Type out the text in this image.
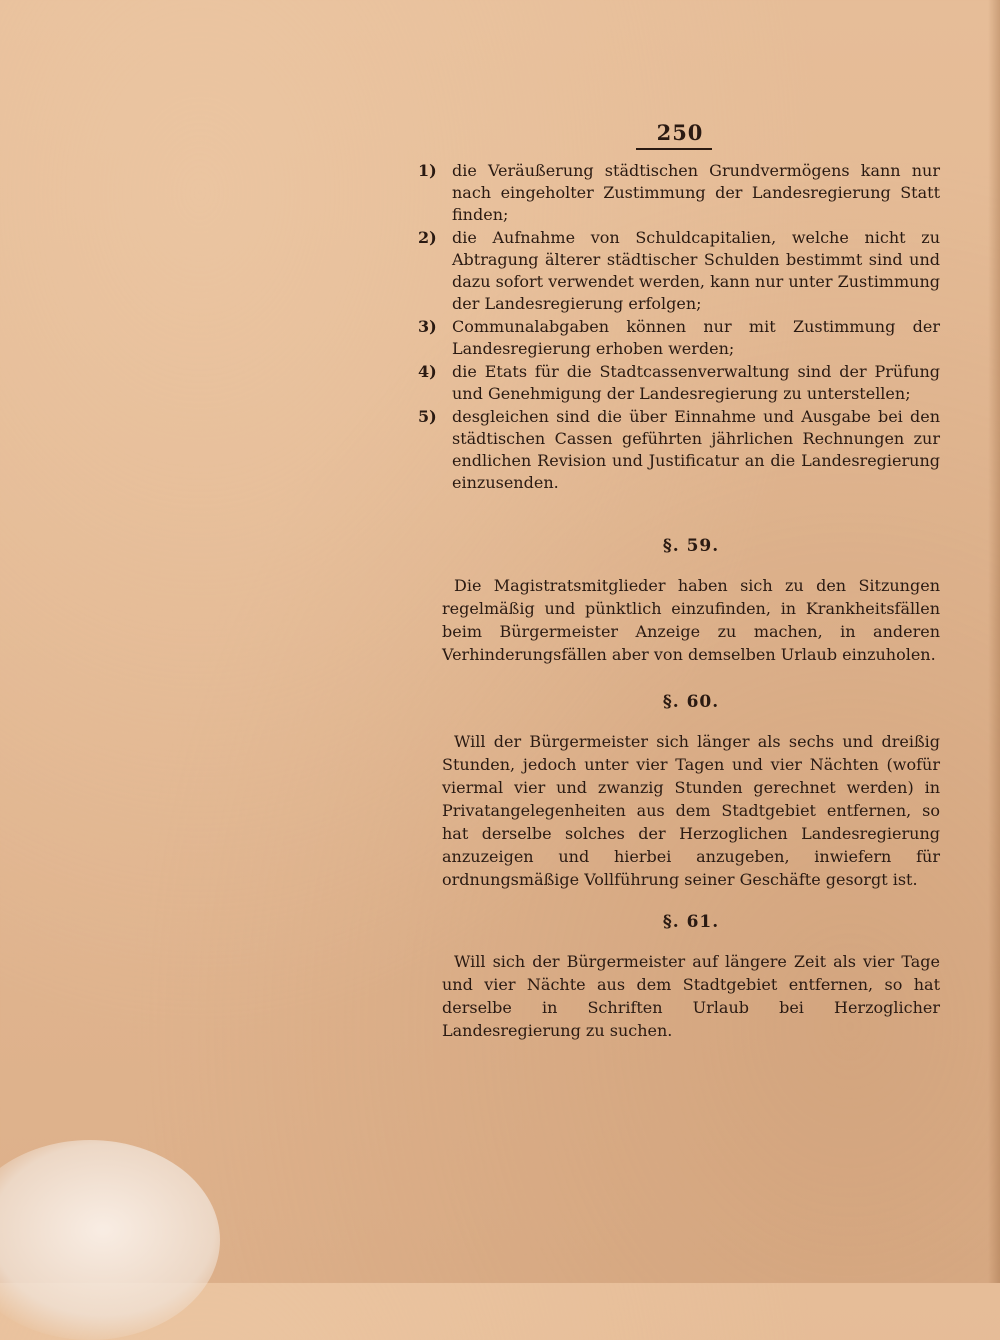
250
1) die Veräußerung städtischen Grundvermögens kann nur nach eingeholter Zustimmung der Landesregierung Statt finden;
2) die Aufnahme von Schuldcapitalien, welche nicht zu Abtragung älterer städtischer Schulden bestimmt sind und dazu sofort verwendet werden, kann nur unter Zustimmung der Landesregierung erfolgen;
3) Communalabgaben können nur mit Zustimmung der Landesregierung erhoben werden;
4) die Etats für die Stadtcassenverwaltung sind der Prüfung und Genehmigung der Landesregierung zu unterstellen;
5) desgleichen sind die über Einnahme und Ausgabe bei den städtischen Cassen geführten jährlichen Rechnungen zur endlichen Revision und Justificatur an die Landesregierung einzusenden.
§. 59.

Die Magistratsmitglieder haben sich zu den Sitzungen regelmäßig und pünktlich einzufinden, in Krankheitsfällen beim Bürgermeister Anzeige zu machen, in anderen Verhinderungsfällen aber von demselben Urlaub einzuholen.

§. 60.

Will der Bürgermeister sich länger als sechs und dreißig Stunden, jedoch unter vier Tagen und vier Nächten (wofür viermal vier und zwanzig Stunden gerechnet werden) in Privatangelegenheiten aus dem Stadtgebiet entfernen, so hat derselbe solches der Herzoglichen Landesregierung anzuzeigen und hierbei anzugeben, inwiefern für ordnungsmäßige Vollführung seiner Geschäfte gesorgt ist.

§. 61.

Will sich der Bürgermeister auf längere Zeit als vier Tage und vier Nächte aus dem Stadtgebiet entfernen, so hat derselbe in Schriften Urlaub bei Herzoglicher Landesregierung zu suchen.
